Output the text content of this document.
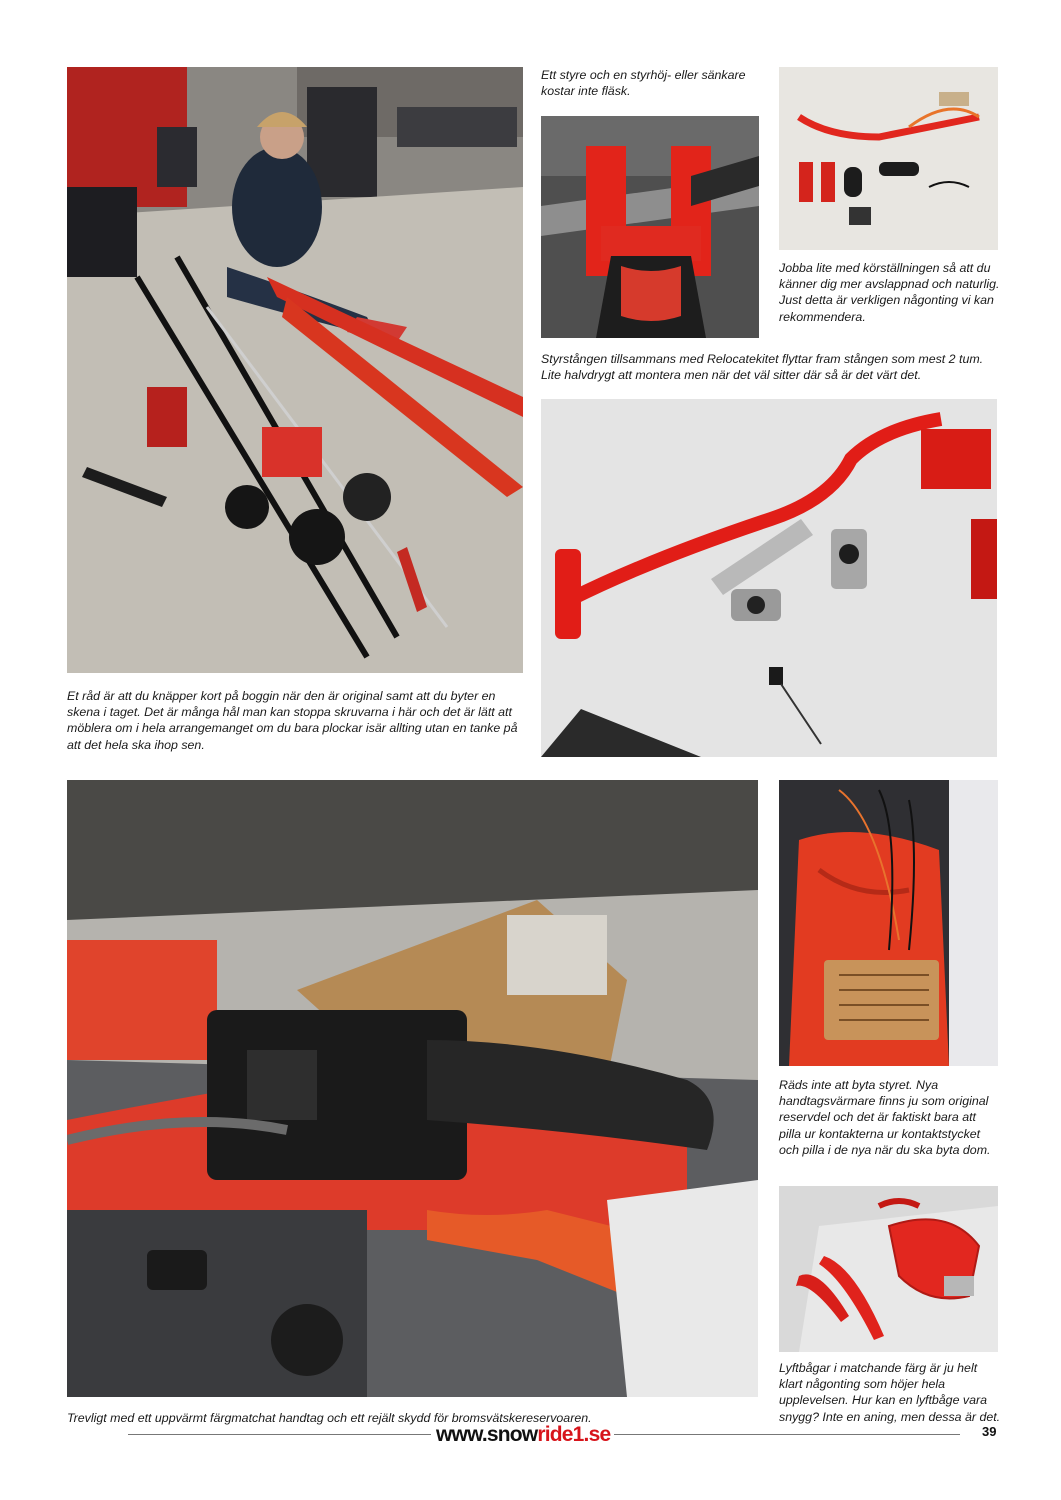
Et råd är att du knäpper kort på boggin när den är original samt att du byter en skena i taget. Det är många hål man kan stoppa skruvarna i här och det är lätt att möblera om i hela arrangemanget om du bara plockar isär allting utan en tanke på att det hela ska ihop sen.

Ett styre och en styrhöj- eller sänkare kostar inte fläsk.

Jobba lite med körställningen så att du känner dig mer avslappnad och naturlig. Just detta är verkligen någonting vi kan rekommendera.

Styrstången tillsammans med Relocatekitet flyttar fram stången som mest 2 tum. Lite halvdrygt att montera men när det väl sitter där så är det värt det.

Trevligt med ett uppvärmt färgmatchat handtag och ett rejält skydd för bromsvätskereservoaren.

Räds inte att byta styret. Nya handtagsvärmare finns ju som original reservdel och det är faktiskt bara att pilla ur kontakterna ur kontaktstycket och pilla i de nya när du ska byta dom.

Lyftbågar i matchande färg är ju helt klart någonting som höjer hela upplevelsen. Hur kan en lyftbåge vara snygg? Inte en aning, men dessa är det.

www.snowride1.se	39
